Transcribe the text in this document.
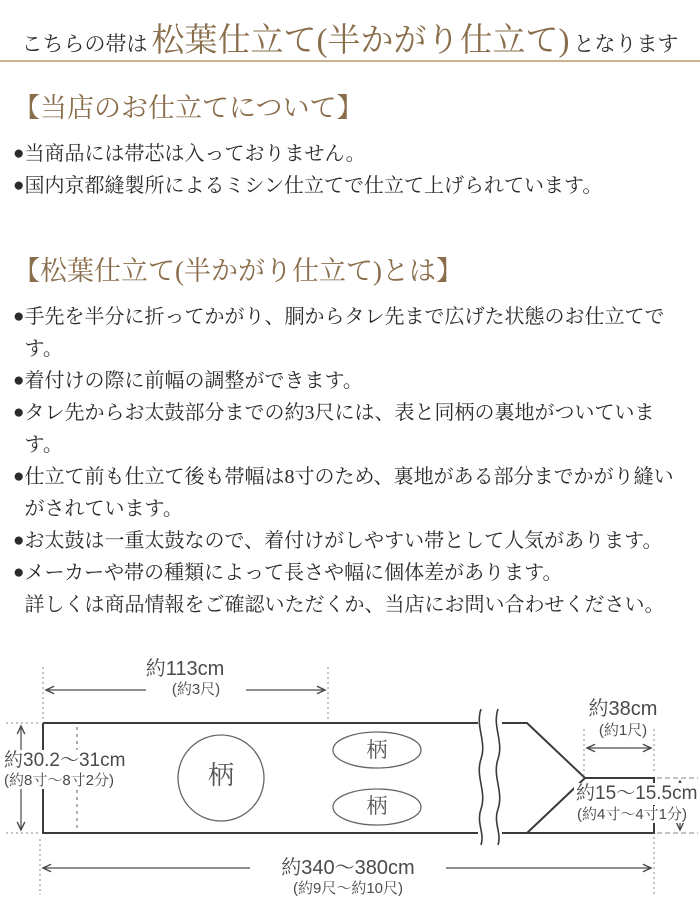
こちらの帯は 松葉仕立て(半かがり仕立て) となります
【当店のお仕立てについて】
● 当商品には帯芯は入っておりません。
● 国内京都縫製所によるミシン仕立てで仕立て上げられています。
【松葉仕立て(半かがり仕立て)とは】
● 手先を半分に折ってかがり、胴からタレ先まで広げた状態のお仕立てです。
● 着付けの際に前幅の調整ができます。
● タレ先からお太鼓部分までの約3尺には、表と同柄の裏地がついています。
● 仕立て前も仕立て後も帯幅は8寸のため、裏地がある部分までかがり縫いがされています。
● お太鼓は一重太鼓なので、着付けがしやすい帯として人気があります。
● メーカーや帯の種類によって長さや幅に個体差があります。
詳しくは商品情報をご確認いただくか、当店にお問い合わせください。
約113cm
(約3尺)
約30.2〜31cm
(約8寸〜8寸2分)
約38cm
(約1尺)
約15〜15.5cm
(約4寸〜4寸1分)
約340〜380cm
(約9尺〜約10尺)
柄
柄
柄
